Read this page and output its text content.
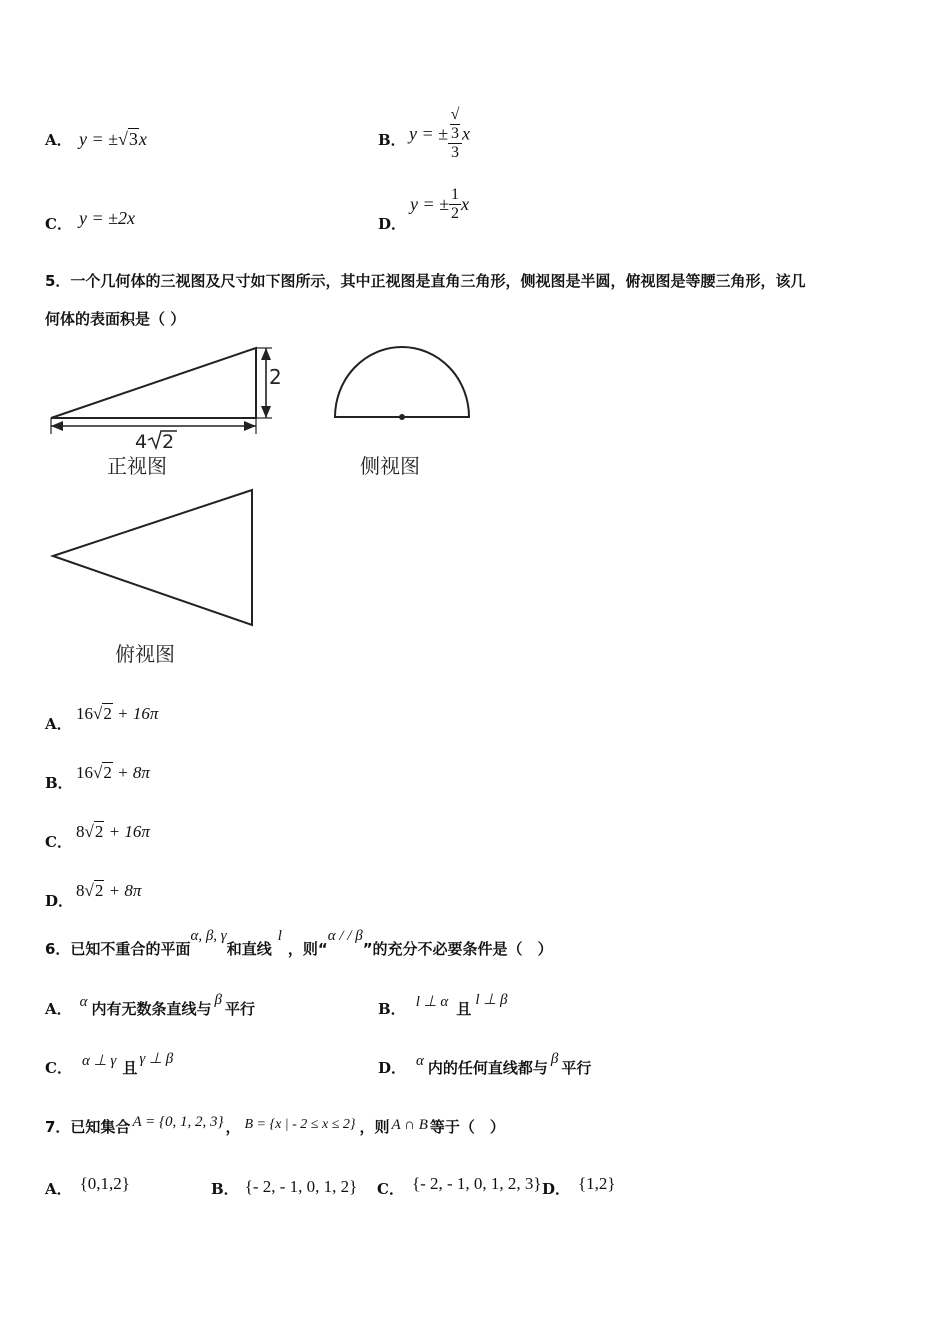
A． y = ±√3x	B． y = ± √
3
3 x
C． y = ±2x	D．
y = ± $\frac{1}{2}$ x
5．一个几何体的三视图及尺寸如下图所示，其中正视图是直角三角形，侧视图是半圆，俯视图是等腰三角形，该几
何体的表面积是（ ）
2
4 2
正视图	侧视图
俯视图
A．
16√2 + 16π
B．
16√2 + 8π
C．
8√2 + 16π
D．
8√2 + 8π
6．已知不重合的平面α, β, γ和直线l，则“α / / β”的充分不必要条件是（　）
A． α 内有无数条直线与 β 平行	B． l ⊥ α 且 l ⊥ β
C． α ⊥ γ 且 γ ⊥ β	D． α 内的任何直线都与 β 平行
7．已知集合 A = {0, 1, 2, 3} ， B = {x | - 2 ≤ x ≤ 2} ，则 A ∩ B 等于（　）
A． {0,1,2}	B． {- 2, - 1, 0, 1, 2} C． {- 2, - 1, 0, 1, 2, 3} D． {1,2}
